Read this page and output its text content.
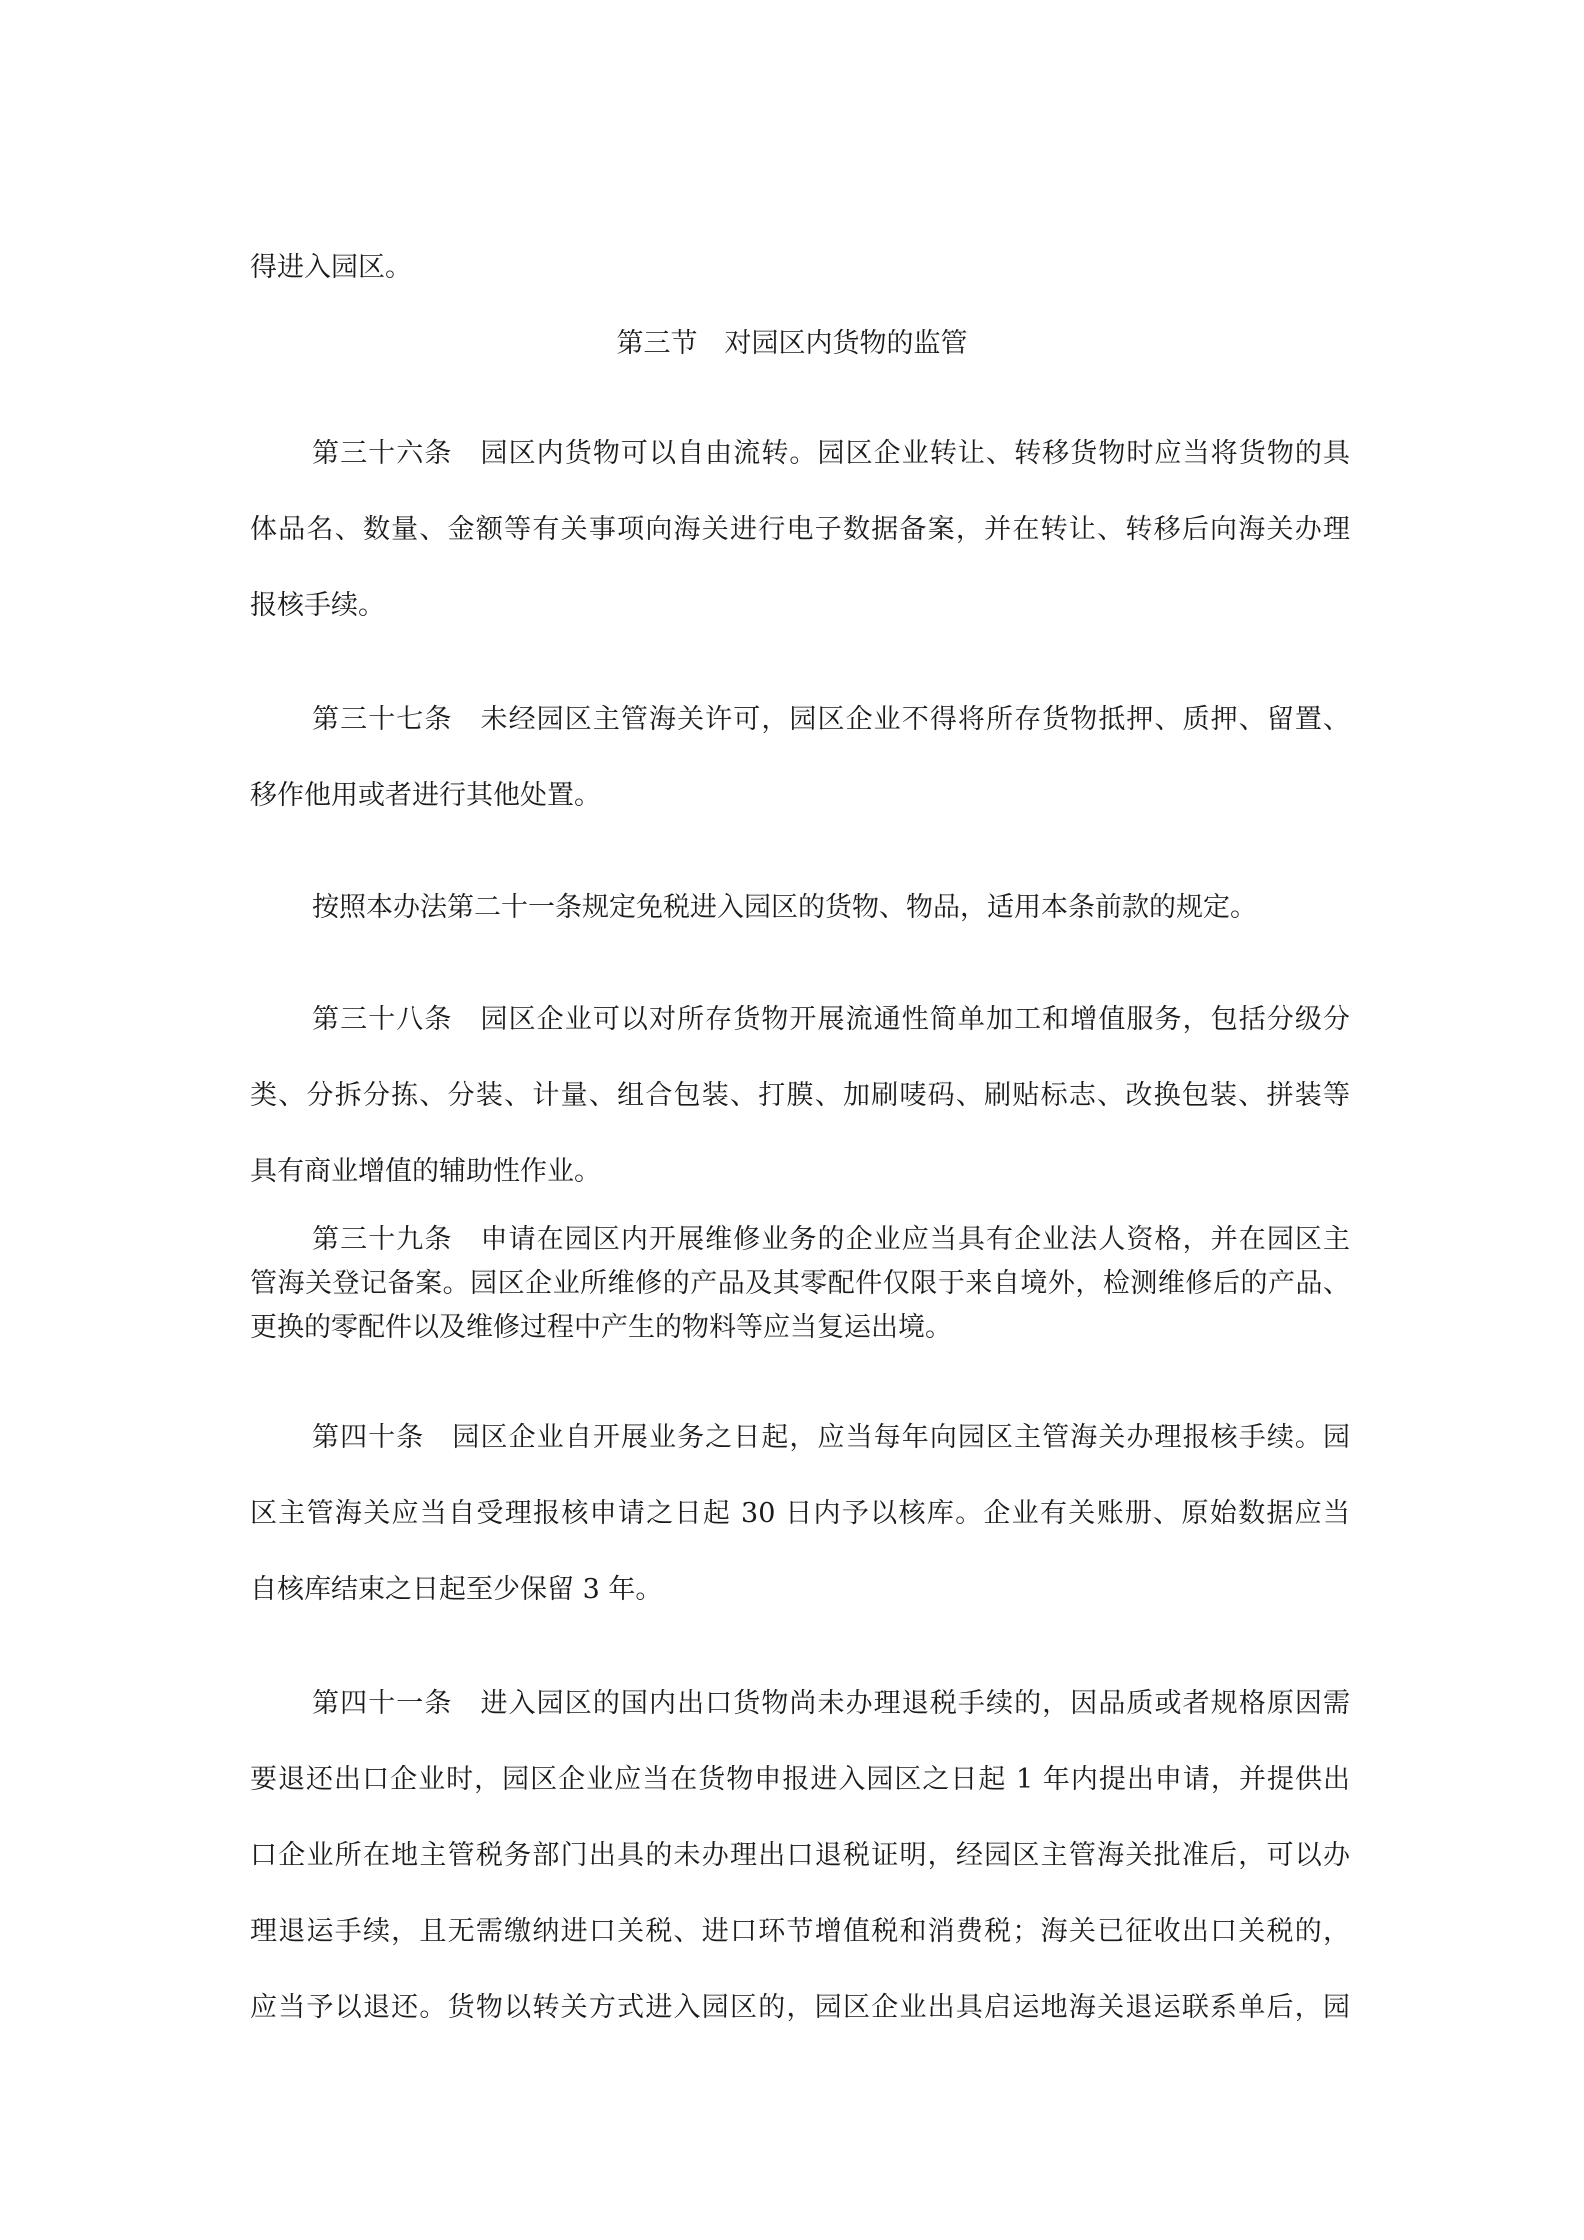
得进入园区。
第三节　对园区内货物的监管
第三十六条　园区内货物可以自由流转。园区企业转让、转移货物时应当将货物的具
体品名、数量、金额等有关事项向海关进行电子数据备案，并在转让、转移后向海关办理
报核手续。
第三十七条　未经园区主管海关许可，园区企业不得将所存货物抵押、质押、留置、
移作他用或者进行其他处置。
按照本办法第二十一条规定免税进入园区的货物、物品，适用本条前款的规定。
第三十八条　园区企业可以对所存货物开展流通性简单加工和增值服务，包括分级分
类、分拆分拣、分装、计量、组合包装、打膜、加刷唛码、刷贴标志、改换包装、拼装等
具有商业增值的辅助性作业。
第三十九条　申请在园区内开展维修业务的企业应当具有企业法人资格，并在园区主
管海关登记备案。园区企业所维修的产品及其零配件仅限于来自境外，检测维修后的产品、
更换的零配件以及维修过程中产生的物料等应当复运出境。
第四十条　园区企业自开展业务之日起，应当每年向园区主管海关办理报核手续。园
区主管海关应当自受理报核申请之日起 30 日内予以核库。企业有关账册、原始数据应当
自核库结束之日起至少保留 3 年。
第四十一条　进入园区的国内出口货物尚未办理退税手续的，因品质或者规格原因需
要退还出口企业时，园区企业应当在货物申报进入园区之日起 1 年内提出申请，并提供出
口企业所在地主管税务部门出具的未办理出口退税证明，经园区主管海关批准后，可以办
理退运手续，且无需缴纳进口关税、进口环节增值税和消费税；海关已征收出口关税的，
应当予以退还。货物以转关方式进入园区的，园区企业出具启运地海关退运联系单后，园
